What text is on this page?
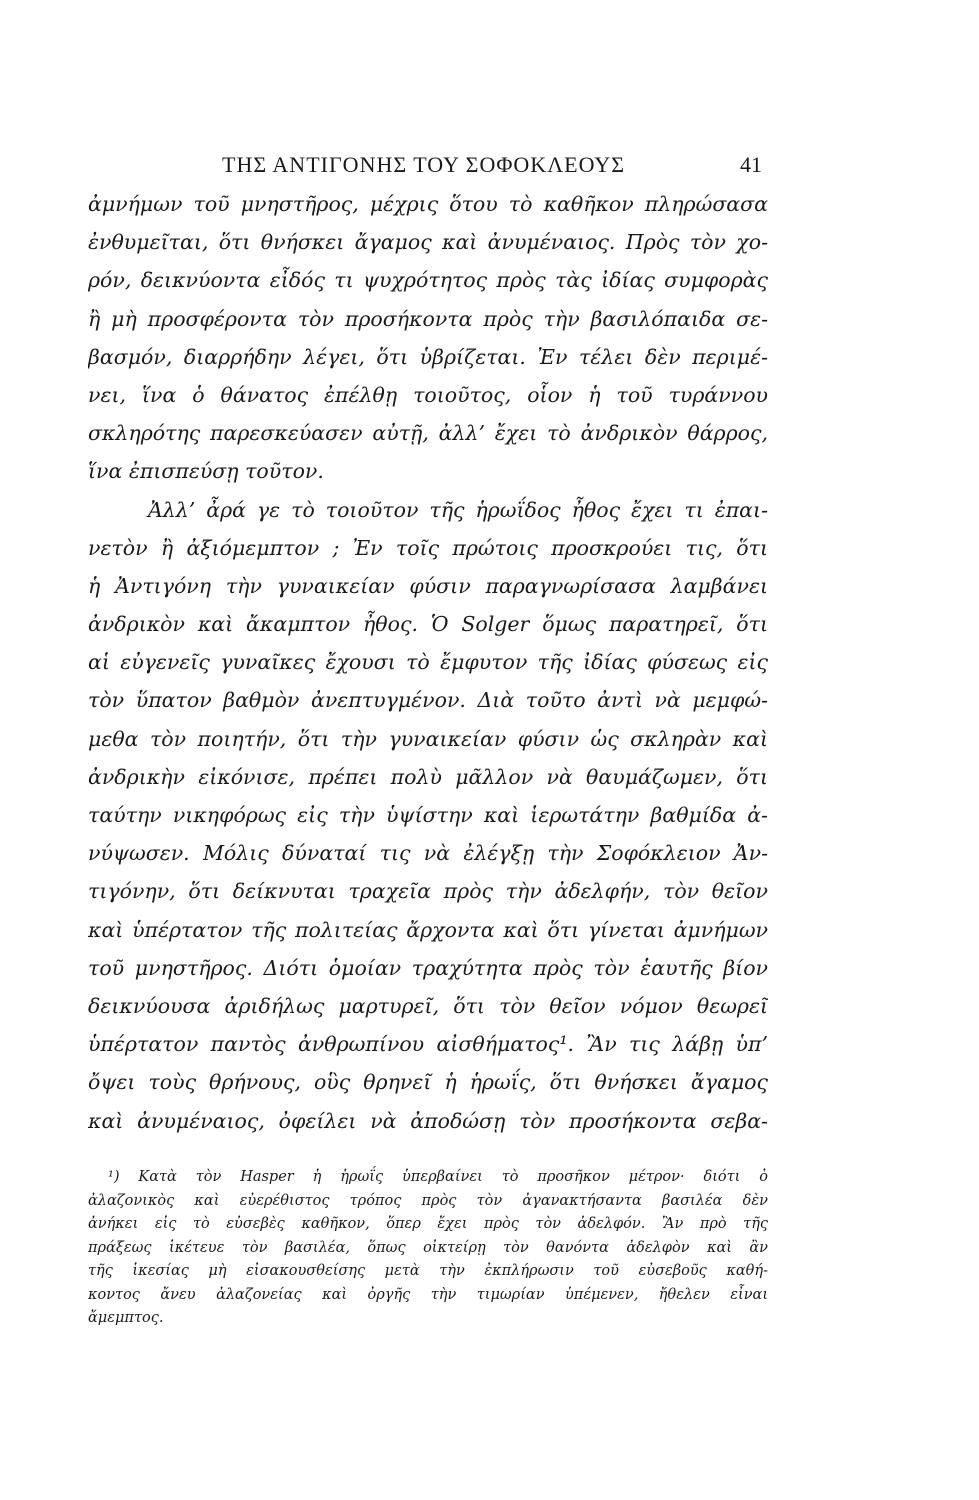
ΤΗΣ ΑΝΤΙΓΟΝΗΣ ΤΟΥ ΣΟΦΟΚΛΕΟΥΣ	41
ἀμνήμων τοῦ μνηστῆρος, μέχρις ὅτου τὸ καθῆκον πληρώσασα
ἐνθυμεῖται, ὅτι θνήσκει ἄγαμος καὶ ἀνυμέναιος. Πρὸς τὸν χο-
ρόν, δεικνύοντα εἶδός τι ψυχρότητος πρὸς τὰς ἰδίας συμφορὰς
ἢ μὴ προσφέροντα τὸν προσήκοντα πρὸς τὴν βασιλόπαιδα σε-
βασμόν, διαρρήδην λέγει, ὅτι ὑβρίζεται. Ἐν τέλει δὲν περιμέ-
νει, ἵνα ὁ θάνατος ἐπέλθῃ τοιοῦτος, οἷον ἡ τοῦ τυράννου
σκληρότης παρεσκεύασεν αὐτῇ, ἀλλ’ ἔχει τὸ ἀνδρικὸν θάρρος,
ἵνα ἐπισπεύσῃ τοῦτον.
Ἀλλ’ ἆρά γε τὸ τοιοῦτον τῆς ἡρωΐδος ἦθος ἔχει τι ἐπαι-
νετὸν ἢ ἀξιόμεμπτον ; Ἐν τοῖς πρώτοις προσκρούει τις, ὅτι
ἡ Ἀντιγόνη τὴν γυναικείαν φύσιν παραγνωρίσασα λαμβάνει
ἀνδρικὸν καὶ ἄκαμπτον ἦθος. Ὁ Solger ὅμως παρατηρεῖ, ὅτι
αἱ εὐγενεῖς γυναῖκες ἔχουσι τὸ ἔμφυτον τῆς ἰδίας φύσεως εἰς
τὸν ὕπατον βαθμὸν ἀνεπτυγμένον. Διὰ τοῦτο ἀντὶ νὰ μεμφώ-
μεθα τὸν ποιητήν, ὅτι τὴν γυναικείαν φύσιν ὡς σκληρὰν καὶ
ἀνδρικὴν εἰκόνισε, πρέπει πολὺ μᾶλλον νὰ θαυμάζωμεν, ὅτι
ταύτην νικηφόρως εἰς τὴν ὑψίστην καὶ ἱερωτάτην βαθμίδα ἀ-
νύψωσεν. Μόλις δύναταί τις νὰ ἐλέγξῃ τὴν Σοφόκλειον Ἀν-
τιγόνην, ὅτι δείκνυται τραχεῖα πρὸς τὴν ἀδελφήν, τὸν θεῖον
καὶ ὑπέρτατον τῆς πολιτείας ἄρχοντα καὶ ὅτι γίνεται ἀμνήμων
τοῦ μνηστῆρος. Διότι ὁμοίαν τραχύτητα πρὸς τὸν ἑαυτῆς βίον
δεικνύουσα ἀριδήλως μαρτυρεῖ, ὅτι τὸν θεῖον νόμον θεωρεῖ
ὑπέρτατον παντὸς ἀνθρωπίνου αἰσθήματος¹. Ἂν τις λάβῃ ὑπ’
ὄψει τοὺς θρήνους, οὓς θρηνεῖ ἡ ἡρωΐς, ὅτι θνήσκει ἄγαμος
καὶ ἀνυμέναιος, ὀφείλει νὰ ἀποδώσῃ τὸν προσήκοντα σεβα-
¹) Κατὰ τὸν Hasper ἡ ἡρωΐς ὑπερβαίνει τὸ προσῆκον μέτρον· διότι ὁ
ἀλαζονικὸς καὶ εὐερέθιστος τρόπος πρὸς τὸν ἀγανακτήσαντα βασιλέα δὲν
ἀνήκει εἰς τὸ εὐσεβὲς καθῆκον, ὅπερ ἔχει πρὸς τὸν ἀδελφόν. Ἂν πρὸ τῆς
πράξεως ἱκέτευε τὸν βασιλέα, ὅπως οἰκτείρῃ τὸν θανόντα ἀδελφὸν καὶ ἂν
τῆς ἱκεσίας μὴ εἰσακουσθείσης μετὰ τὴν ἐκπλήρωσιν τοῦ εὐσεβοῦς καθή-
κοντος ἄνευ ἀλαζονείας καὶ ὀργῆς τὴν τιμωρίαν ὑπέμενεν, ἤθελεν εἶναι
ἄμεμπτος.
